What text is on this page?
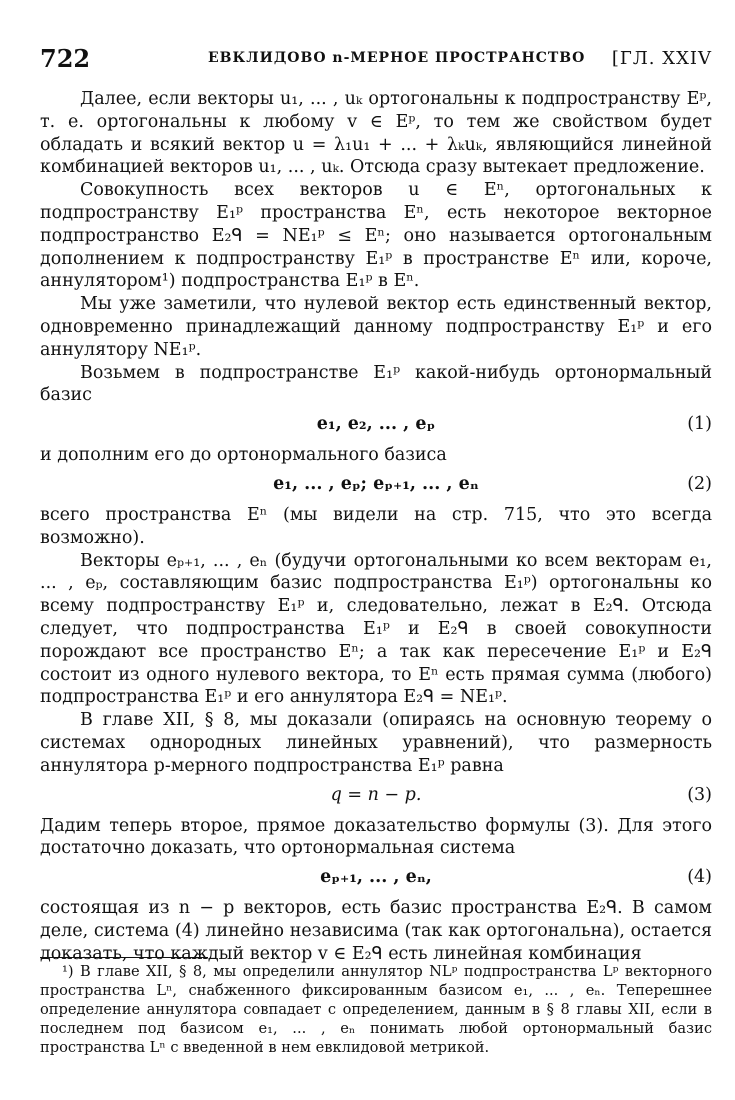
722	ЕВКЛИДОВО n-МЕРНОЕ ПРОСТРАНСТВО [ГЛ. XXIV

Далее, если векторы u₁, ... , uₖ ортогональны к подпространству Eᵖ, т. е. ортогональны к любому v ∈ Eᵖ, то тем же свойством будет обладать и всякий вектор u = λ₁u₁ + ... + λₖuₖ, являющийся линейной комбинацией векторов u₁, ... , uₖ. Отсюда сразу вытекает предложение.

Совокупность всех векторов u ∈ Eⁿ, ортогональных к подпространству E₁ᵖ пространства Eⁿ, есть некоторое векторное подпространство E₂ᑫ = NE₁ᵖ ≤ Eⁿ; оно называется ортогональным дополнением к подпространству E₁ᵖ в пространстве Eⁿ или, короче, аннулятором¹) подпространства E₁ᵖ в Eⁿ.

Мы уже заметили, что нулевой вектор есть единственный вектор, одновременно принадлежащий данному подпространству E₁ᵖ и его аннулятору NE₁ᵖ.

Возьмем в подпространстве E₁ᵖ какой-нибудь ортонормальный базис

e₁, e₂, ... , eₚ	(1)

и дополним его до ортонормального базиса

e₁, ... , eₚ; eₚ₊₁, ... , eₙ	(2)

всего пространства Eⁿ (мы видели на стр. 715, что это всегда возможно).

Векторы eₚ₊₁, ... , eₙ (будучи ортогональными ко всем векторам e₁, ... , eₚ, составляющим базис подпространства E₁ᵖ) ортогональны ко всему подпространству E₁ᵖ и, следовательно, лежат в E₂ᑫ. Отсюда следует, что подпространства E₁ᵖ и E₂ᑫ в своей совокупности порождают все пространство Eⁿ; а так как пересечение E₁ᵖ и E₂ᑫ состоит из одного нулевого вектора, то Eⁿ есть прямая сумма (любого) подпространства E₁ᵖ и его аннулятора E₂ᑫ = NE₁ᵖ.

В главе XII, § 8, мы доказали (опираясь на основную теорему о системах однородных линейных уравнений), что размерность аннулятора p-мерного подпространства E₁ᵖ равна

q = n − p.	(3)

Дадим теперь второе, прямое доказательство формулы (3). Для этого достаточно доказать, что ортонормальная система

eₚ₊₁, ... , eₙ,	(4)

состоящая из n − p векторов, есть базис пространства E₂ᑫ. В самом деле, система (4) линейно независима (так как ортогональна), остается доказать, что каждый вектор v ∈ E₂ᑫ есть линейная комбинация

¹) В главе XII, § 8, мы определили аннулятор NLᵖ подпространства Lᵖ векторного пространства Lⁿ, снабженного фиксированным базисом e₁, ... , eₙ. Теперешнее определение аннулятора совпадает с определением, данным в § 8 главы XII, если в последнем под базисом e₁, ... , eₙ понимать любой ортонормальный базис пространства Lⁿ с введенной в нем евклидовой метрикой.
